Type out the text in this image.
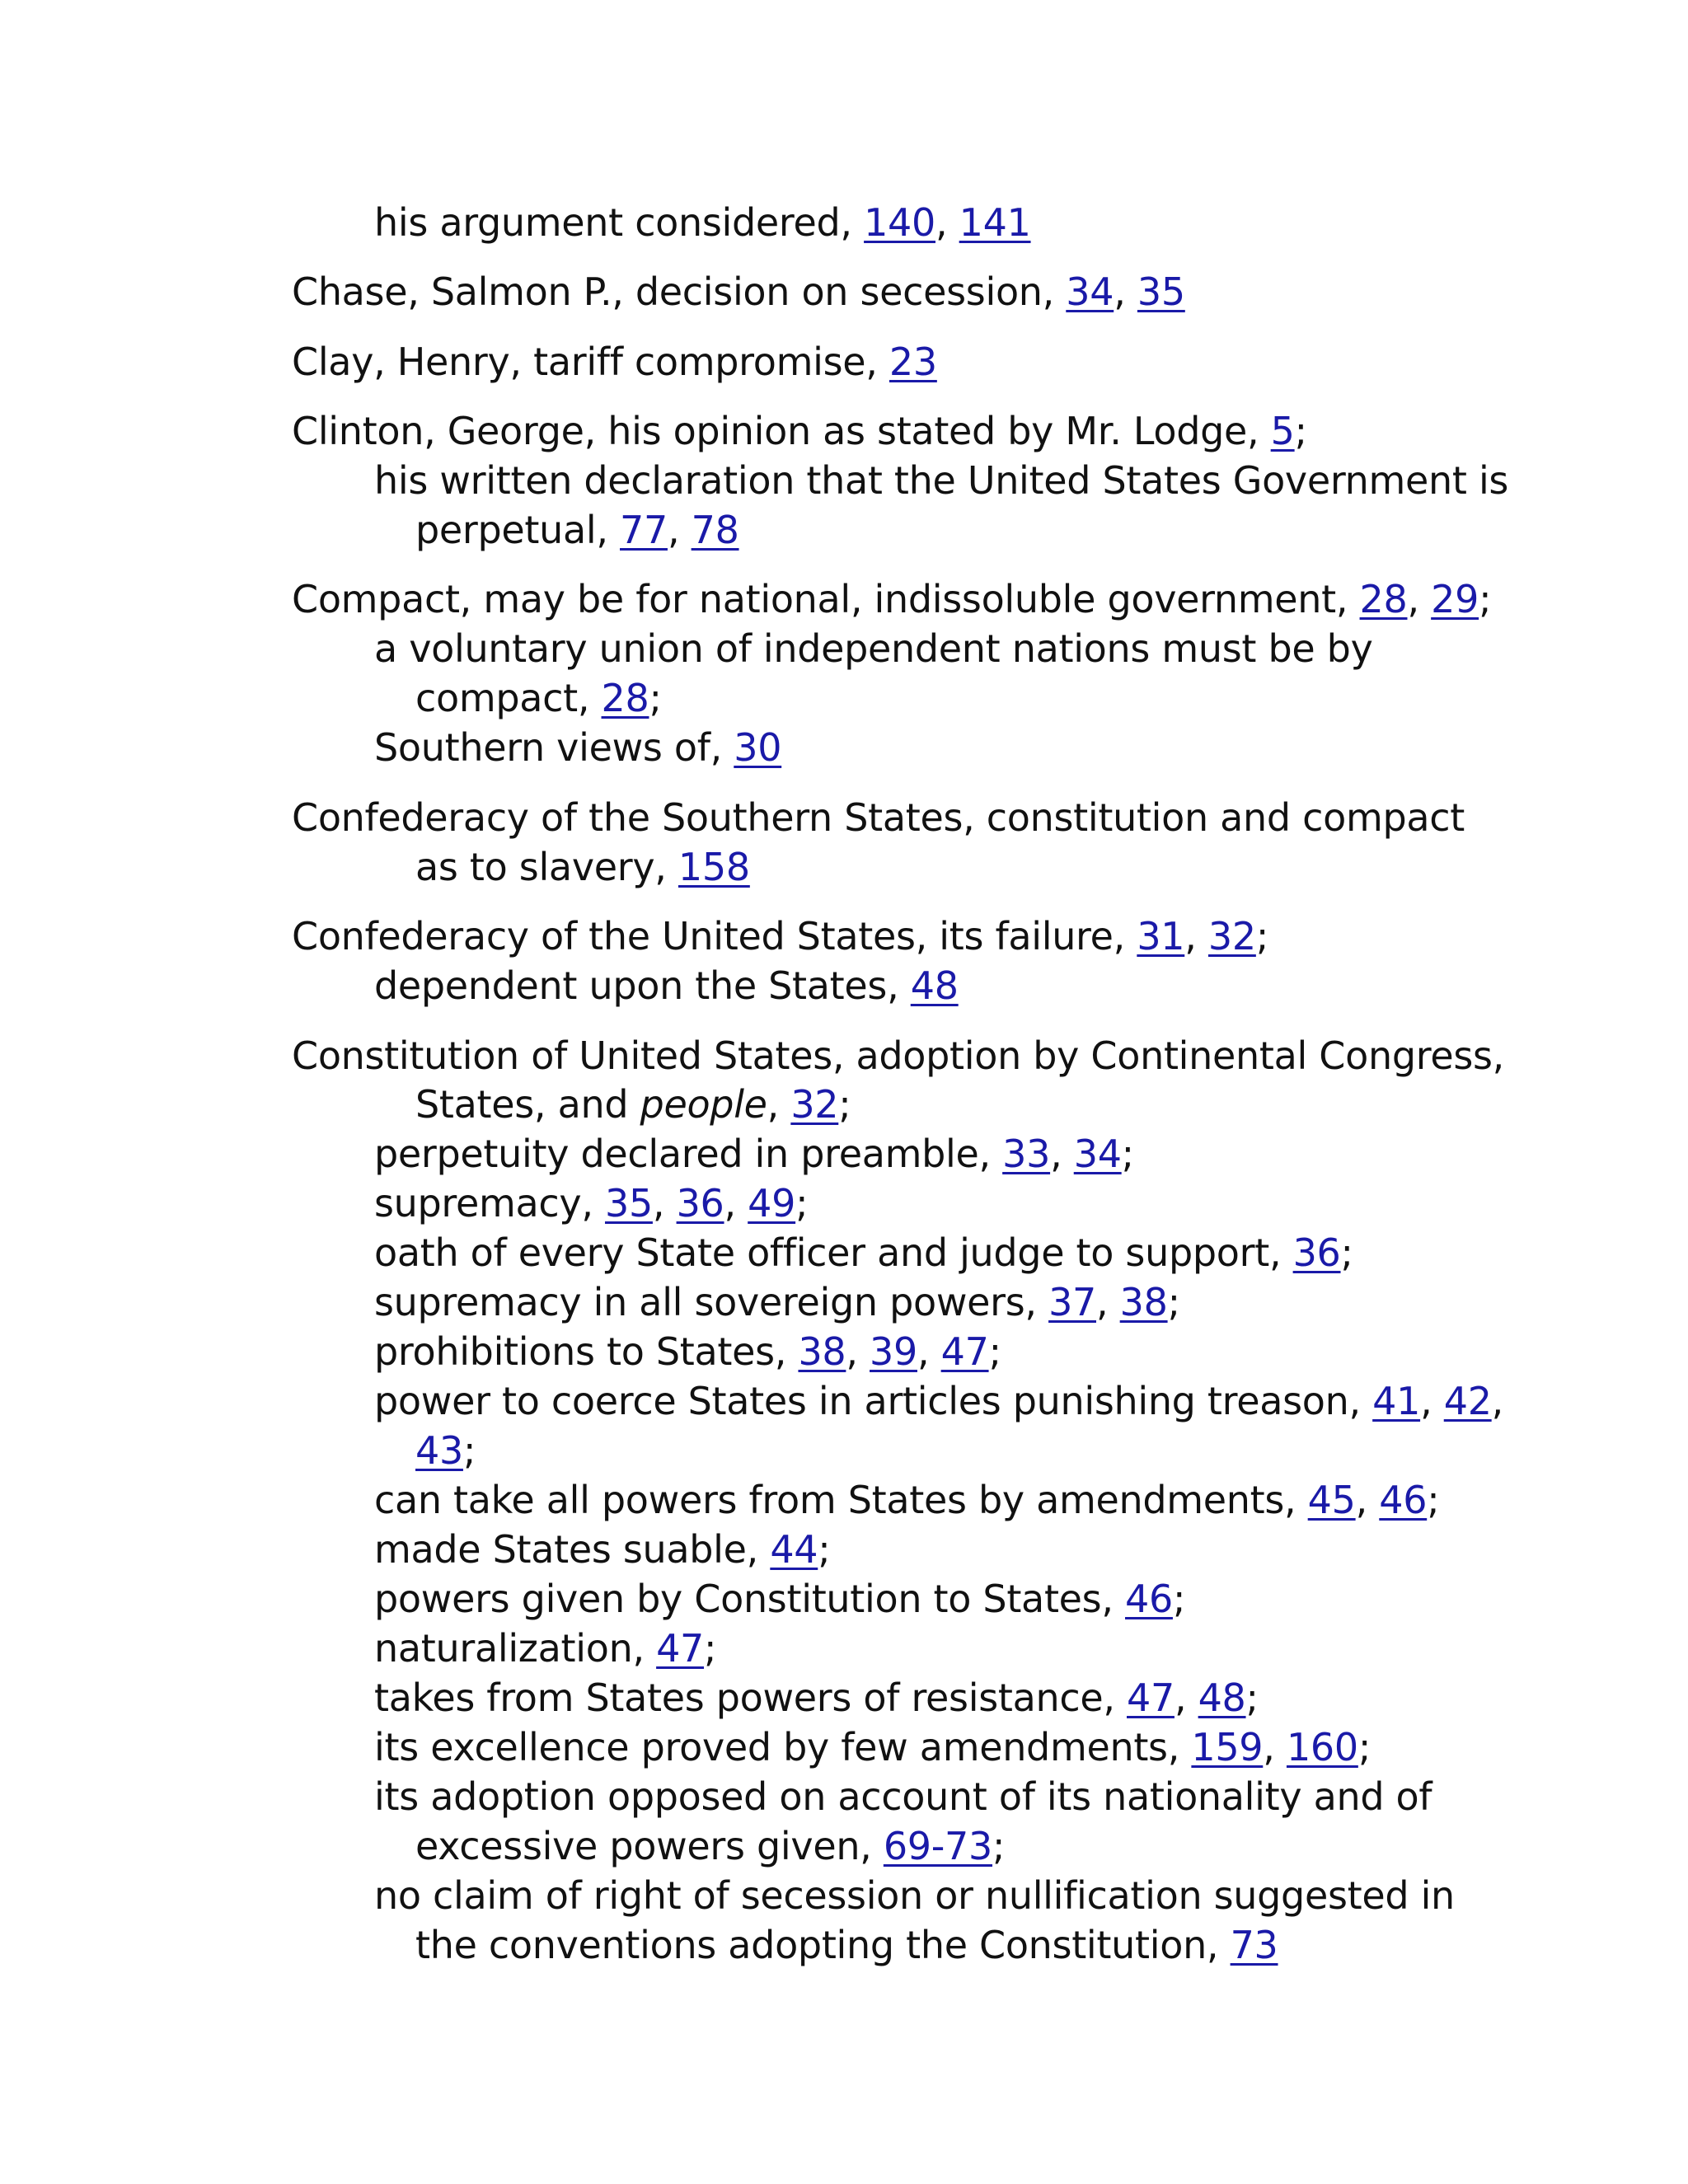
his argument considered, 140, 141
Chase, Salmon P., decision on secession, 34, 35
Clay, Henry, tariff compromise, 23
Clinton, George, his opinion as stated by Mr. Lodge, 5;
his written declaration that the United States Government is
perpetual, 77, 78
Compact, may be for national, indissoluble government, 28, 29;
a voluntary union of independent nations must be by
compact, 28;
Southern views of, 30
Confederacy of the Southern States, constitution and compact
as to slavery, 158
Confederacy of the United States, its failure, 31, 32;
dependent upon the States, 48
Constitution of United States, adoption by Continental Congress,
States, and people, 32;
perpetuity declared in preamble, 33, 34;
supremacy, 35, 36, 49;
oath of every State officer and judge to support, 36;
supremacy in all sovereign powers, 37, 38;
prohibitions to States, 38, 39, 47;
power to coerce States in articles punishing treason, 41, 42,
43;
can take all powers from States by amendments, 45, 46;
made States suable, 44;
powers given by Constitution to States, 46;
naturalization, 47;
takes from States powers of resistance, 47, 48;
its excellence proved by few amendments, 159, 160;
its adoption opposed on account of its nationality and of
excessive powers given, 69-73;
no claim of right of secession or nullification suggested in
the conventions adopting the Constitution, 73
